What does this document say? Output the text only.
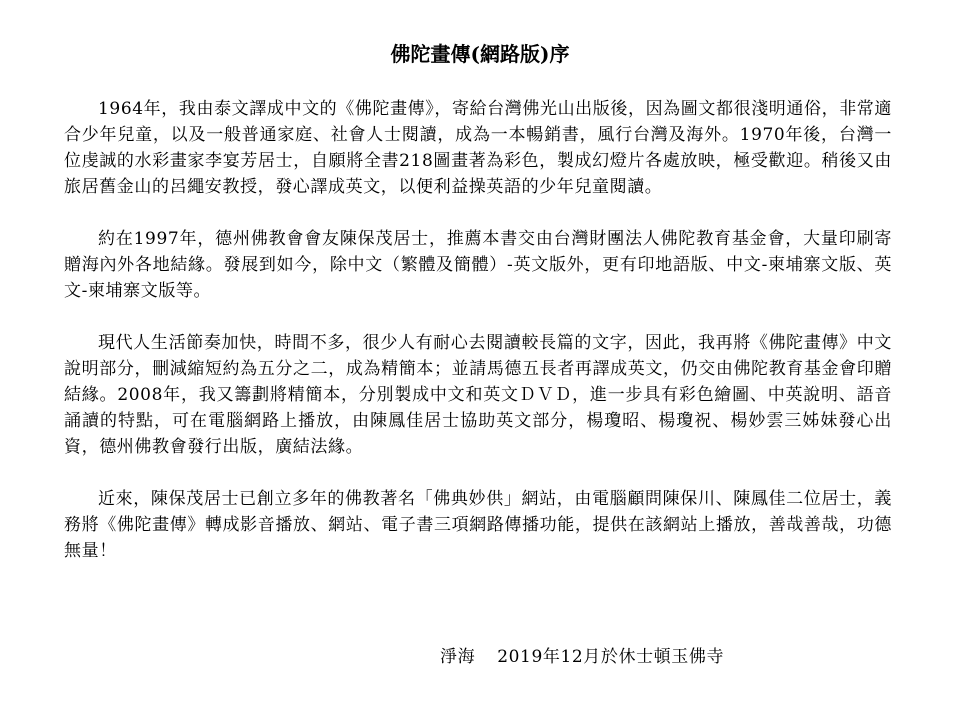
佛陀畫傳(網路版)序

1964年，我由泰文譯成中文的《佛陀畫傳》，寄給台灣佛光山出版後，因為圖文都很淺明通俗，非常適合少年兒童，以及一般普通家庭、社會人士閱讀，成為一本暢銷書，風行台灣及海外。1970年後，台灣一位虔誠的水彩畫家李宴芳居士，自願將全書218圖畫著為彩色，製成幻燈片各處放映，極受歡迎。稍後又由旅居舊金山的呂繩安教授，發心譯成英文，以便利益操英語的少年兒童閱讀。

約在1997年，德州佛教會會友陳保茂居士，推薦本書交由台灣財團法人佛陀教育基金會，大量印刷寄贈海內外各地結緣。發展到如今，除中文（繁體及簡體）-英文版外，更有印地語版、中文-柬埔寨文版、英文-柬埔寨文版等。

現代人生活節奏加快，時間不多，很少人有耐心去閱讀較長篇的文字，因此，我再將《佛陀畫傳》中文說明部分，刪減縮短約為五分之二，成為精簡本；並請馬德五長者再譯成英文，仍交由佛陀教育基金會印贈結緣。2008年，我又籌劃將精簡本，分別製成中文和英文ＤＶＤ，進一步具有彩色繪圖、中英說明、語音誦讀的特點，可在電腦網路上播放，由陳鳳佳居士協助英文部分，楊瓊昭、楊瓊祝、楊妙雲三姊妹發心出資，德州佛教會發行出版，廣結法緣。

近來，陳保茂居士已創立多年的佛教著名「佛典妙供」網站，由電腦顧問陳保川、陳鳳佳二位居士，義務將《佛陀畫傳》轉成影音播放、網站、電子書三項網路傳播功能，提供在該網站上播放，善哉善哉，功德無量！

淨海 2019年12月於休士頓玉佛寺
